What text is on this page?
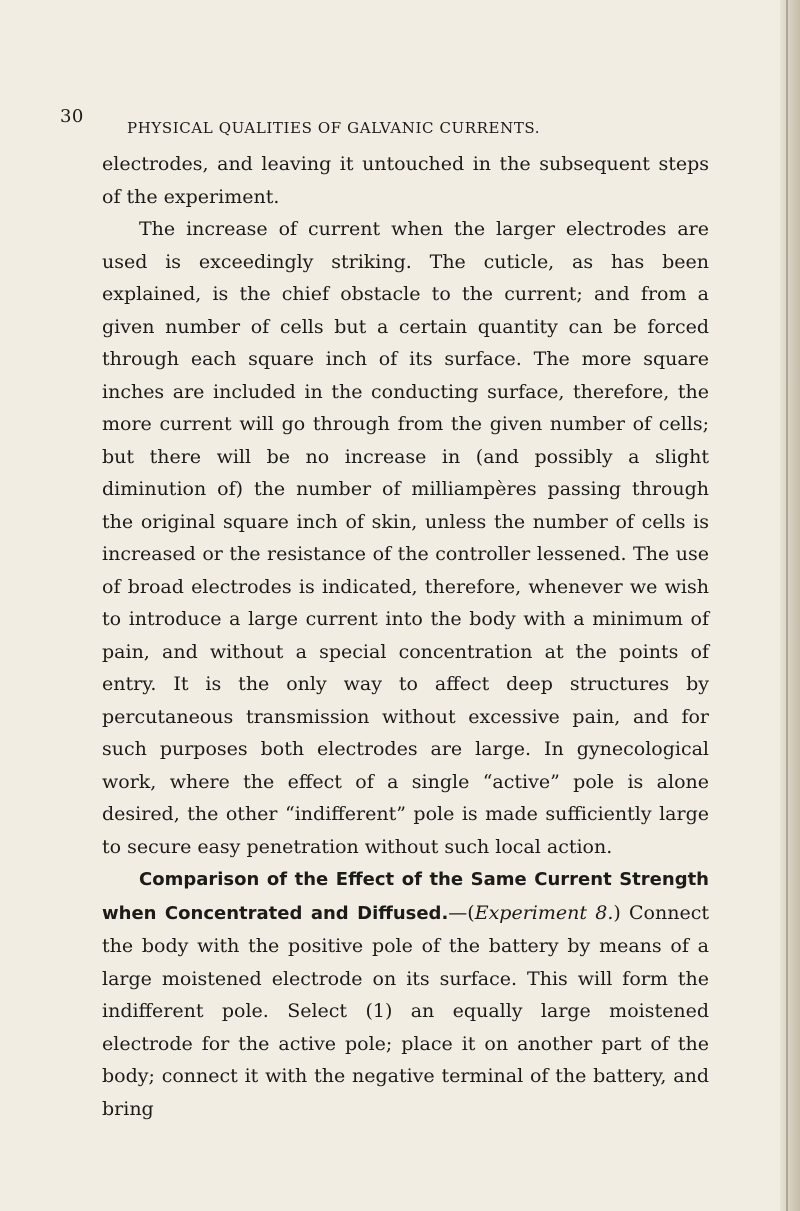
30
PHYSICAL QUALITIES OF GALVANIC CURRENTS.

electrodes, and leaving it untouched in the subsequent steps of the experiment.

The increase of current when the larger electrodes are used is exceedingly striking. The cuticle, as has been explained, is the chief obstacle to the current; and from a given number of cells but a certain quantity can be forced through each square inch of its surface. The more square inches are included in the conducting surface, therefore, the more current will go through from the given number of cells; but there will be no increase in (and possibly a slight diminution of) the number of milliampères passing through the original square inch of skin, unless the number of cells is increased or the resistance of the controller lessened. The use of broad electrodes is indicated, therefore, whenever we wish to introduce a large current into the body with a minimum of pain, and without a special concentration at the points of entry. It is the only way to affect deep structures by percutaneous transmission without excessive pain, and for such purposes both electrodes are large. In gynecological work, where the effect of a single “active” pole is alone desired, the other “indifferent” pole is made sufficiently large to secure easy penetration without such local action.

Comparison of the Effect of the Same Current Strength when Concentrated and Diffused.—(Experiment 8.) Connect the body with the positive pole of the battery by means of a large moistened electrode on its surface. This will form the indifferent pole. Select (1) an equally large moistened electrode for the active pole; place it on another part of the body; connect it with the negative terminal of the battery, and bring
